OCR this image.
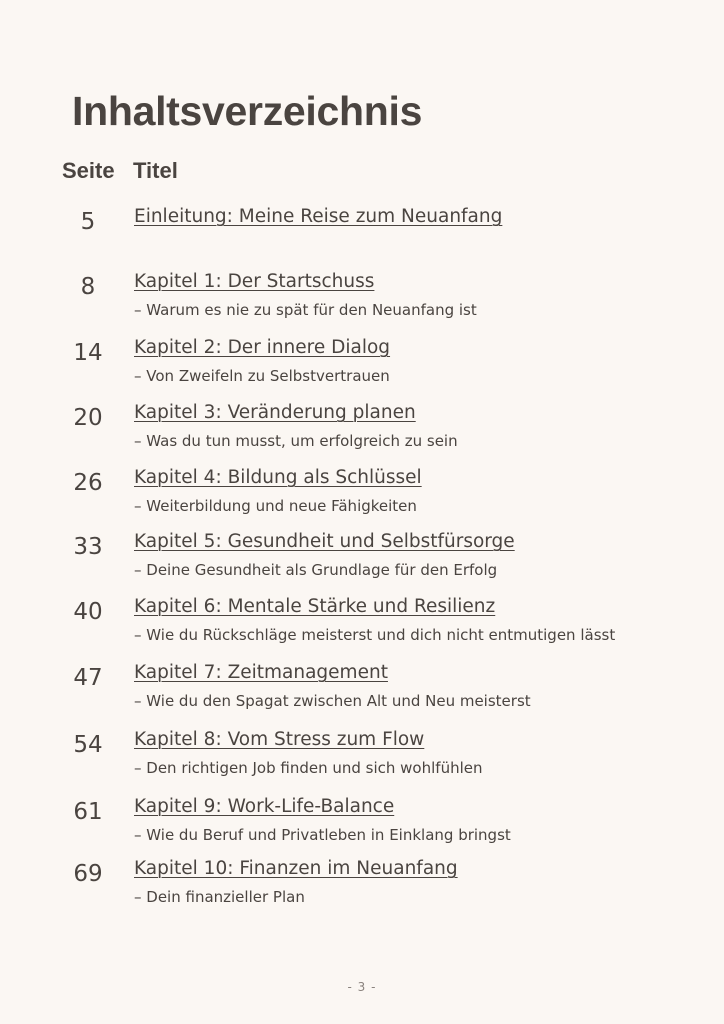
Inhaltsverzeichnis
Seite Titel
5	Einleitung: Meine Reise zum Neuanfang
8	Kapitel 1: Der Startschuss
– Warum es nie zu spät für den Neuanfang ist
14	Kapitel 2: Der innere Dialog
– Von Zweifeln zu Selbstvertrauen
20	Kapitel 3: Veränderung planen
– Was du tun musst, um erfolgreich zu sein
26	Kapitel 4: Bildung als Schlüssel
– Weiterbildung und neue Fähigkeiten
33	Kapitel 5: Gesundheit und Selbstfürsorge
– Deine Gesundheit als Grundlage für den Erfolg
40	Kapitel 6: Mentale Stärke und Resilienz
– Wie du Rückschläge meisterst und dich nicht entmutigen lässt
47	Kapitel 7: Zeitmanagement
– Wie du den Spagat zwischen Alt und Neu meisterst
54	Kapitel 8: Vom Stress zum Flow
– Den richtigen Job finden und sich wohlfühlen
61	Kapitel 9: Work-Life-Balance
– Wie du Beruf und Privatleben in Einklang bringst
69	Kapitel 10: Finanzen im Neuanfang
– Dein finanzieller Plan
- 3 -
